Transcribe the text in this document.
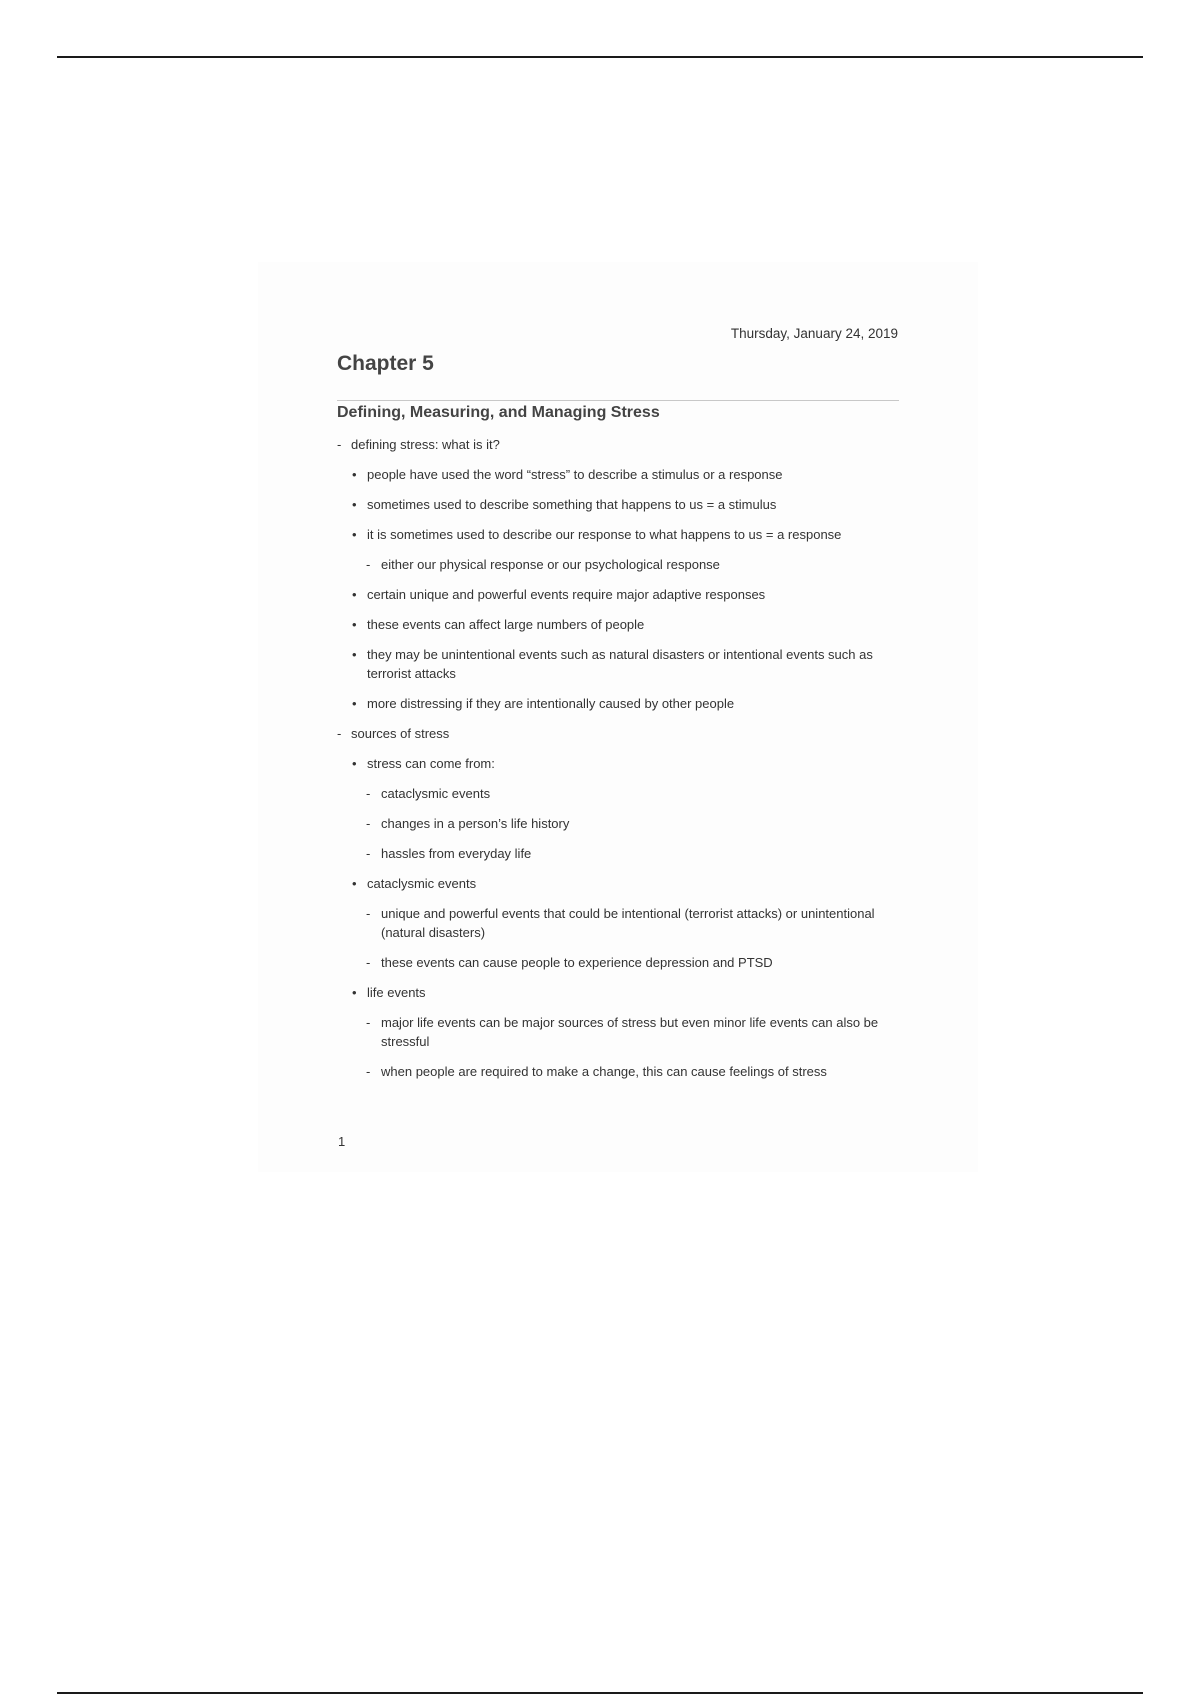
Thursday, January 24, 2019
Chapter 5
Defining, Measuring, and Managing Stress
- defining stress: what is it?
• people have used the word “stress” to describe a stimulus or a response
• sometimes used to describe something that happens to us = a stimulus
• it is sometimes used to describe our response to what happens to us = a response
- either our physical response or our psychological response
• certain unique and powerful events require major adaptive responses
• these events can affect large numbers of people
• they may be unintentional events such as natural disasters or intentional events such as terrorist attacks
• more distressing if they are intentionally caused by other people
- sources of stress
• stress can come from:
- cataclysmic events
- changes in a person’s life history
- hassles from everyday life
• cataclysmic events
- unique and powerful events that could be intentional (terrorist attacks) or unintentional (natural disasters)
- these events can cause people to experience depression and PTSD
• life events
- major life events can be major sources of stress but even minor life events can also be stressful
- when people are required to make a change, this can cause feelings of stress
1
